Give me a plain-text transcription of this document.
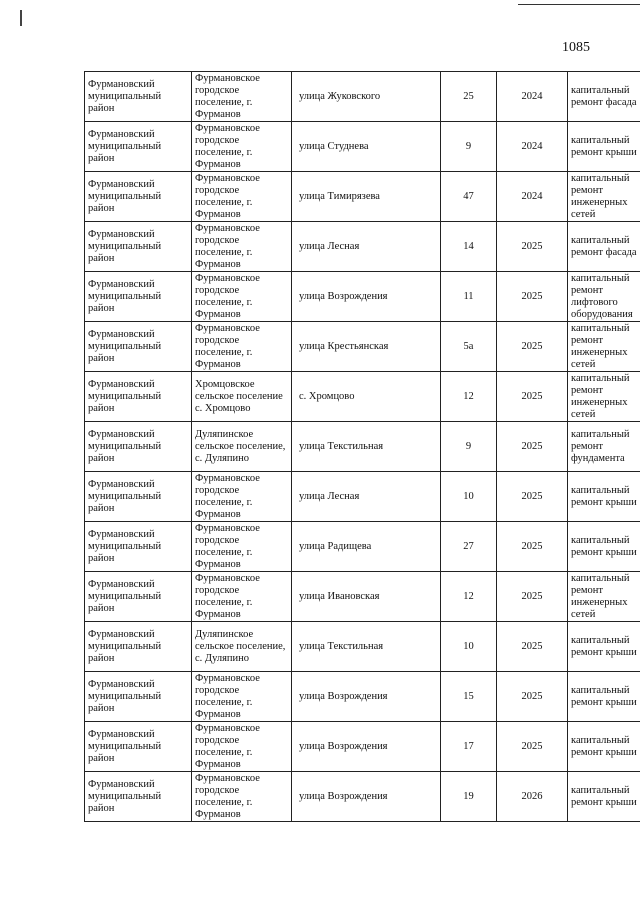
1085
Фурмановский муниципальный район	Фурмановское городское поселение, г. Фурманов	улица Жуковского	25	2024	капитальный ремонт фасада
Фурмановский муниципальный район	Фурмановское городское поселение, г. Фурманов	улица Студнева	9	2024	капитальный ремонт крыши
Фурмановский муниципальный район	Фурмановское городское поселение, г. Фурманов	улица Тимирязева	47	2024	капитальный ремонт инженерных сетей
Фурмановский муниципальный район	Фурмановское городское поселение, г. Фурманов	улица Лесная	14	2025	капитальный ремонт фасада
Фурмановский муниципальный район	Фурмановское городское поселение, г. Фурманов	улица Возрождения	11	2025	капитальный ремонт лифтового оборудования
Фурмановский муниципальный район	Фурмановское городское поселение, г. Фурманов	улица Крестьянская	5а	2025	капитальный ремонт инженерных сетей
Фурмановский муниципальный район	Хромцовское сельское поселение с. Хромцово	с. Хромцово	12	2025	капитальный ремонт инженерных сетей
Фурмановский муниципальный район	Дуляпинское сельское поселение, с. Дуляпино	улица Текстильная	9	2025	капитальный ремонт фундамента
Фурмановский муниципальный район	Фурмановское городское поселение, г. Фурманов	улица Лесная	10	2025	капитальный ремонт крыши
Фурмановский муниципальный район	Фурмановское городское поселение, г. Фурманов	улица Радищева	27	2025	капитальный ремонт крыши
Фурмановский муниципальный район	Фурмановское городское поселение, г. Фурманов	улица Ивановская	12	2025	капитальный ремонт инженерных сетей
Фурмановский муниципальный район	Дуляпинское сельское поселение, с. Дуляпино	улица Текстильная	10	2025	капитальный ремонт крыши
Фурмановский муниципальный район	Фурмановское городское поселение, г. Фурманов	улица Возрождения	15	2025	капитальный ремонт крыши
Фурмановский муниципальный район	Фурмановское городское поселение, г. Фурманов	улица Возрождения	17	2025	капитальный ремонт крыши
Фурмановский муниципальный район	Фурмановское городское поселение, г. Фурманов	улица Возрождения	19	2026	капитальный ремонт крыши
